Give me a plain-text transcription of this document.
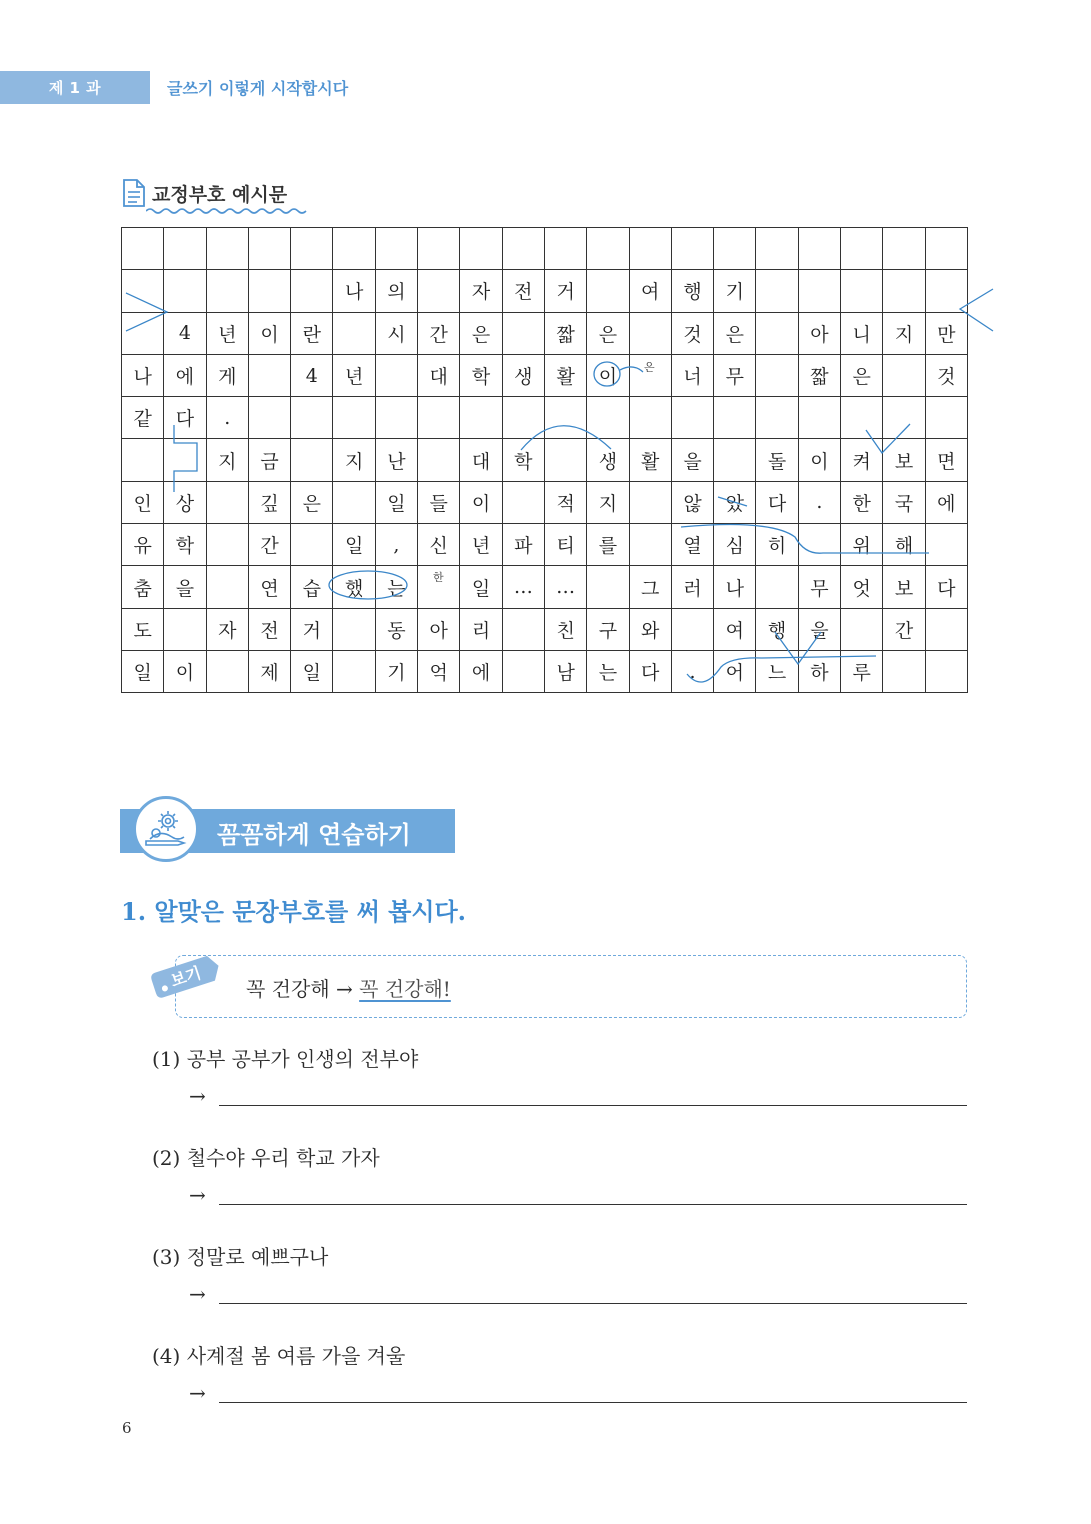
제 1 과	글쓰기 이렇게 시작합시다
교정부호 예시문

					나	의		자	전	거		여	행	기					
	4	년	이	란		시	간	은		짧	은		것	은		아	니	지	만
나	에	게		4	년		대	학	생	활	이		너	무		짧	은		것
같	다	.																	
		지	금		지	난		대	학		생	활	을		돌	이	켜	보	면
인	상		깊	은		일	들	이		적	지		않	았	다	.	한	국	에
유	학		간		일	,	신	년	파	티	를		열	심	히		위	해	
춤	을		연	습	했	는		일	…	…		그	러	나		무	엇	보	다
도		자	전	거		동	아	리		친	구	와		여	행	을		간	
일	이		제	일		기	억	에		남	는	다	.	어	느	하	루		
은
한
꼼꼼하게 연습하기
1. 알맞은 문장부호를 써 봅시다.
보기 꼭 건강해 → 꼭 건강해!
(1) 공부 공부가 인생의 전부야
→
(2) 철수야 우리 학교 가자
→
(3) 정말로 예쁘구나
→
(4) 사계절 봄 여름 가을 겨울
→
6
